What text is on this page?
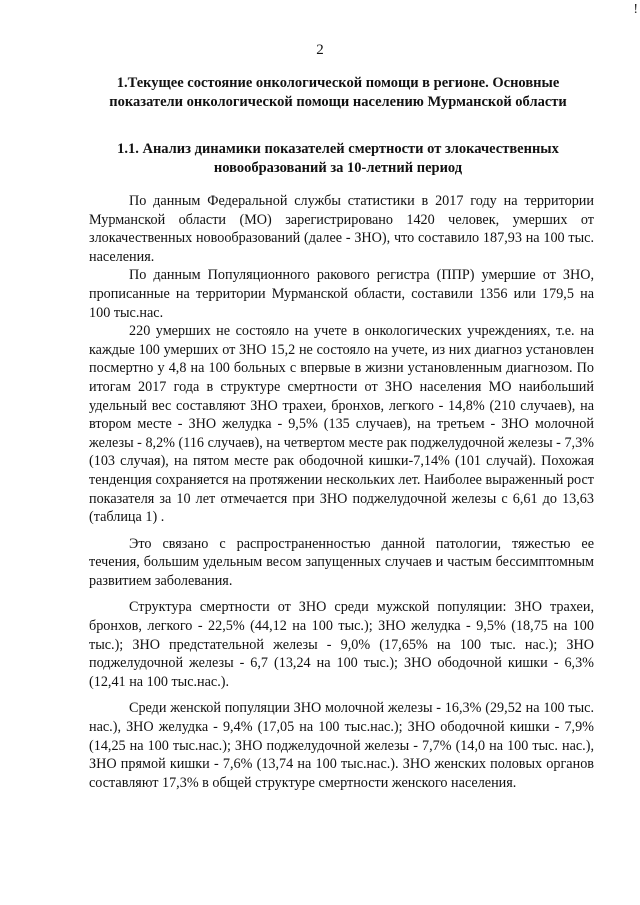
!
2
1.Текущее состояние онкологической помощи в регионе. Основные показатели онкологической помощи населению Мурманской области
1.1. Анализ динамики показателей смертности от злокачественных новообразований за 10-летний период

По данным Федеральной службы статистики в 2017 году на территории Мурманской области (МО) зарегистрировано 1420 человек, умерших от злокачественных новообразований (далее - ЗНО), что составило 187,93 на 100 тыс. населения.

По данным Популяционного ракового регистра (ППР) умершие от ЗНО, прописанные на территории Мурманской области, составили 1356 или 179,5 на 100 тыс.нас.

220 умерших не состояло на учете в онкологических учреждениях, т.е. на каждые 100 умерших от ЗНО 15,2 не состояло на учете, из них диагноз установлен посмертно у 4,8 на 100 больных с впервые в жизни установленным диагнозом. По итогам 2017 года в структуре смертности от ЗНО населения МО наибольший удельный вес составляют ЗНО трахеи, бронхов, легкого - 14,8% (210 случаев), на втором месте - ЗНО желудка - 9,5% (135 случаев), на третьем - ЗНО молочной железы - 8,2% (116 случаев), на четвертом месте рак поджелудочной железы - 7,3% (103 случая), на пятом месте рак ободочной кишки-7,14% (101 случай). Похожая тенденция сохраняется на протяжении нескольких лет. Наиболее выраженный рост показателя за 10 лет отмечается при ЗНО поджелудочной железы с 6,61 до 13,63 (таблица 1) .

Это связано с распространенностью данной патологии, тяжестью ее течения, большим удельным весом запущенных случаев и частым бессимптомным развитием заболевания.

Структура смертности от ЗНО среди мужской популяции: ЗНО трахеи, бронхов, легкого - 22,5% (44,12 на 100 тыс.); ЗНО желудка - 9,5% (18,75 на 100 тыс.); ЗНО предстательной железы - 9,0% (17,65% на 100 тыс. нас.); ЗНО поджелудочной железы - 6,7 (13,24 на 100 тыс.); ЗНО ободочной кишки - 6,3% (12,41 на 100 тыс.нас.).

Среди женской популяции ЗНО молочной железы - 16,3% (29,52 на 100 тыс. нас.), ЗНО желудка - 9,4% (17,05 на 100 тыс.нас.); ЗНО ободочной кишки - 7,9% (14,25 на 100 тыс.нас.); ЗНО поджелудочной железы - 7,7% (14,0 на 100 тыс. нас.), ЗНО прямой кишки - 7,6% (13,74 на 100 тыс.нас.). ЗНО женских половых органов составляют 17,3% в общей структуре смертности женского населения.
